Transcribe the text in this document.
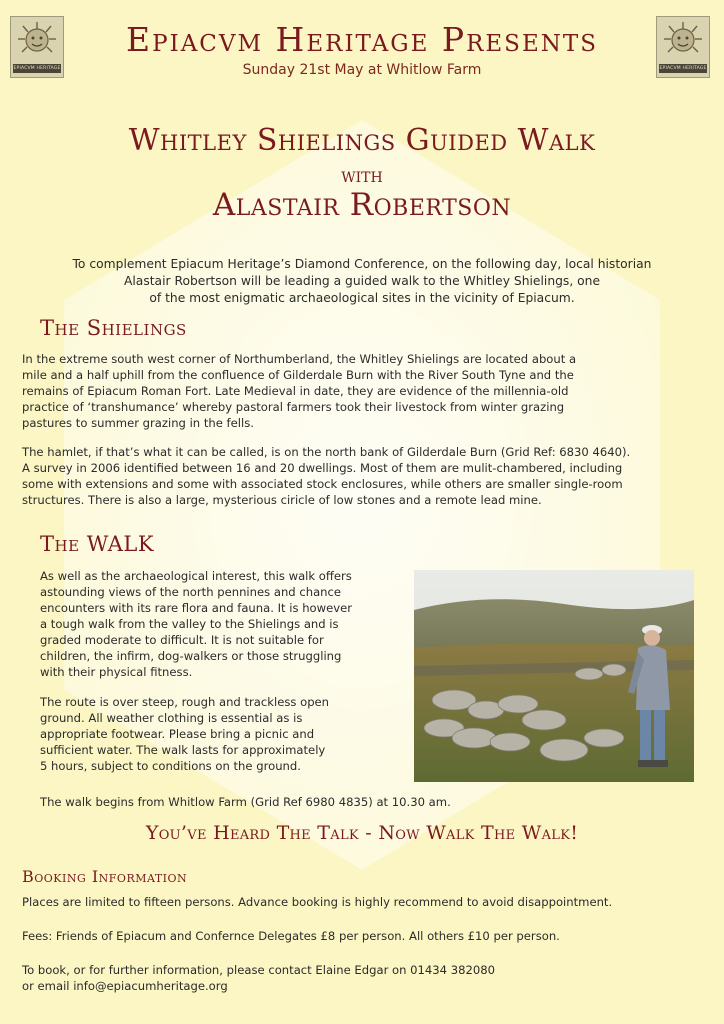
EPIACVM HERITAGE	EPIACVM HERITAGE
Epiacvm Heritage Presents
Sunday 21st May at Whitlow Farm
Whitley Shielings Guided Walk
with
Alastair Robertson
To complement Epiacum Heritage’s Diamond Conference, on the following day, local historian
Alastair Robertson will be leading a guided walk to the Whitley Shielings, one
of the most enigmatic archaeological sites in the vicinity of Epiacum.
The Shielings
In the extreme south west corner of Northumberland, the Whitley Shielings are located about a
mile and a half uphill from the confluence of Gilderdale Burn with the River South Tyne and the
remains of Epiacum Roman Fort. Late Medieval in date, they are evidence of the millennia-old
practice of ‘transhumance’ whereby pastoral farmers took their livestock from winter grazing
pastures to summer grazing in the fells.
The hamlet, if that’s what it can be called, is on the north bank of Gilderdale Burn (Grid Ref: 6830 4640).
A survey in 2006 identified between 16 and 20 dwellings. Most of them are mulit-chambered, including
some with extensions and some with associated stock enclosures, while others are smaller single-room
structures. There is also a large, mysterious ciricle of low stones and a remote lead mine.
The WALK
As well as the archaeological interest, this walk offers
astounding views of the north pennines and chance
encounters with its rare flora and fauna. It is however
a tough walk from the valley to the Shielings and is
graded moderate to difficult. It is not suitable for
children, the infirm, dog-walkers or those struggling
with their physical fitness.
The route is over steep, rough and trackless open
ground. All weather clothing is essential as is
appropriate footwear. Please bring a picnic and
sufficient water. The walk lasts for approximately
5 hours, subject to conditions on the ground.
The walk begins from Whitlow Farm (Grid Ref 6980 4835) at 10.30 am.
You’ve Heard The Talk - Now Walk The Walk!
Booking Information
Places are limited to fifteen persons. Advance booking is highly recommend to avoid disappointment.
Fees: Friends of Epiacum and Confernce Delegates £8 per person. All others £10 per person.
To book, or for further information, please contact Elaine Edgar on 01434 382080
or email info@epiacumheritage.org
